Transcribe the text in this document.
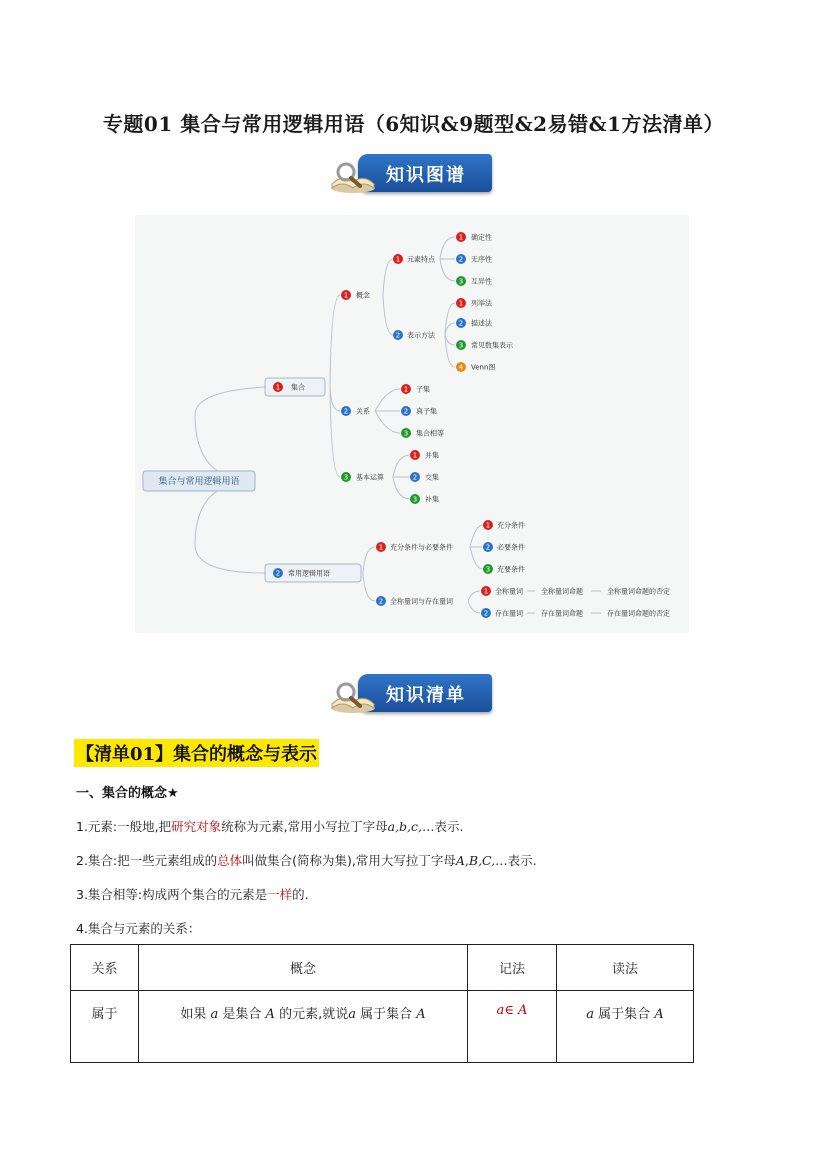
专题01 集合与常用逻辑用语（6知识&9题型&2易错&1方法清单）
知识图谱
集合与常用逻辑用语
1 集合
2 常用逻辑用语
1 概念
2 关系
3 基本运算
1 元素特点
2 表示方法
1 确定性
2 无序性
3 互异性
1 列举法
2 描述法
3 常见数集表示
4 Venn图
1 子集
2 真子集
3 集合相等
1 并集
2 交集
3 补集
1 充分条件与必要条件
2 全称量词与存在量词
1 充分条件
2 必要条件
3 充要条件
1 全称量词	全称量词命题	全称量词命题的否定
2 存在量词	存在量词命题	存在量词命题的否定
知识清单
【清单01】集合的概念与表示
一、集合的概念★
1.元素:一般地,把研究对象统称为元素,常用小写拉丁字母a,b,c,…表示.
2.集合:把一些元素组成的总体叫做集合(简称为集),常用大写拉丁字母A,B,C,…表示.
3.集合相等:构成两个集合的元素是一样的.
4.集合与元素的关系：
关系	概念	记法	读法
属于	如果 a 是集合 A 的元素,就说a 属于集合 A	a∈ A	a 属于集合 A
